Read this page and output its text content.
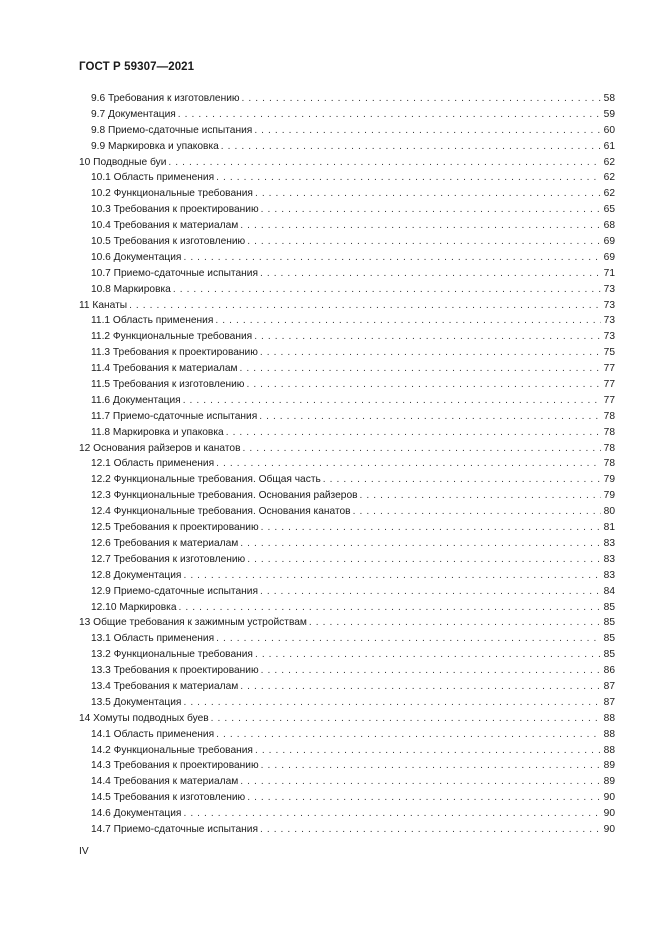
ГОСТ Р 59307—2021
9.6 Требования к изготовлению . . .	58
9.7 Документация . . .	59
9.8 Приемо-сдаточные испытания . . .	60
9.9 Маркировка и упаковка . . .	61
10 Подводные буи . . .	62
10.1 Область применения . . .	62
10.2 Функциональные требования . . .	62
10.3 Требования к проектированию . . .	65
10.4 Требования к материалам . . .	68
10.5 Требования к изготовлению . . .	69
10.6 Документация . . .	69
10.7 Приемо-сдаточные испытания . . .	71
10.8 Маркировка . . .	73
11 Канаты . . .	73
11.1 Область применения . . .	73
11.2 Функциональные требования . . .	73
11.3 Требования к проектированию . . .	75
11.4 Требования к материалам . . .	77
11.5 Требования к изготовлению . . .	77
11.6 Документация . . .	77
11.7 Приемо-сдаточные испытания . . .	78
11.8 Маркировка и упаковка . . .	78
12 Основания райзеров и канатов . . .	78
12.1 Область применения . . .	78
12.2 Функциональные требования. Общая часть . . .	79
12.3 Функциональные требования. Основания райзеров . . .	79
12.4 Функциональные требования. Основания канатов . . .	80
12.5 Требования к проектированию . . .	81
12.6 Требования к материалам . . .	83
12.7 Требования к изготовлению . . .	83
12.8 Документация . . .	83
12.9 Приемо-сдаточные испытания . . .	84
12.10 Маркировка . . .	85
13 Общие требования к зажимным устройствам . . .	85
13.1 Область применения . . .	85
13.2 Функциональные требования . . .	85
13.3 Требования к проектированию . . .	86
13.4 Требования к материалам . . .	87
13.5 Документация . . .	87
14 Хомуты подводных буев . . .	88
14.1 Область применения . . .	88
14.2 Функциональные требования . . .	88
14.3 Требования к проектированию . . .	89
14.4 Требования к материалам . . .	89
14.5 Требования к изготовлению . . .	90
14.6 Документация . . .	90
14.7 Приемо-сдаточные испытания . . .	90
IV
